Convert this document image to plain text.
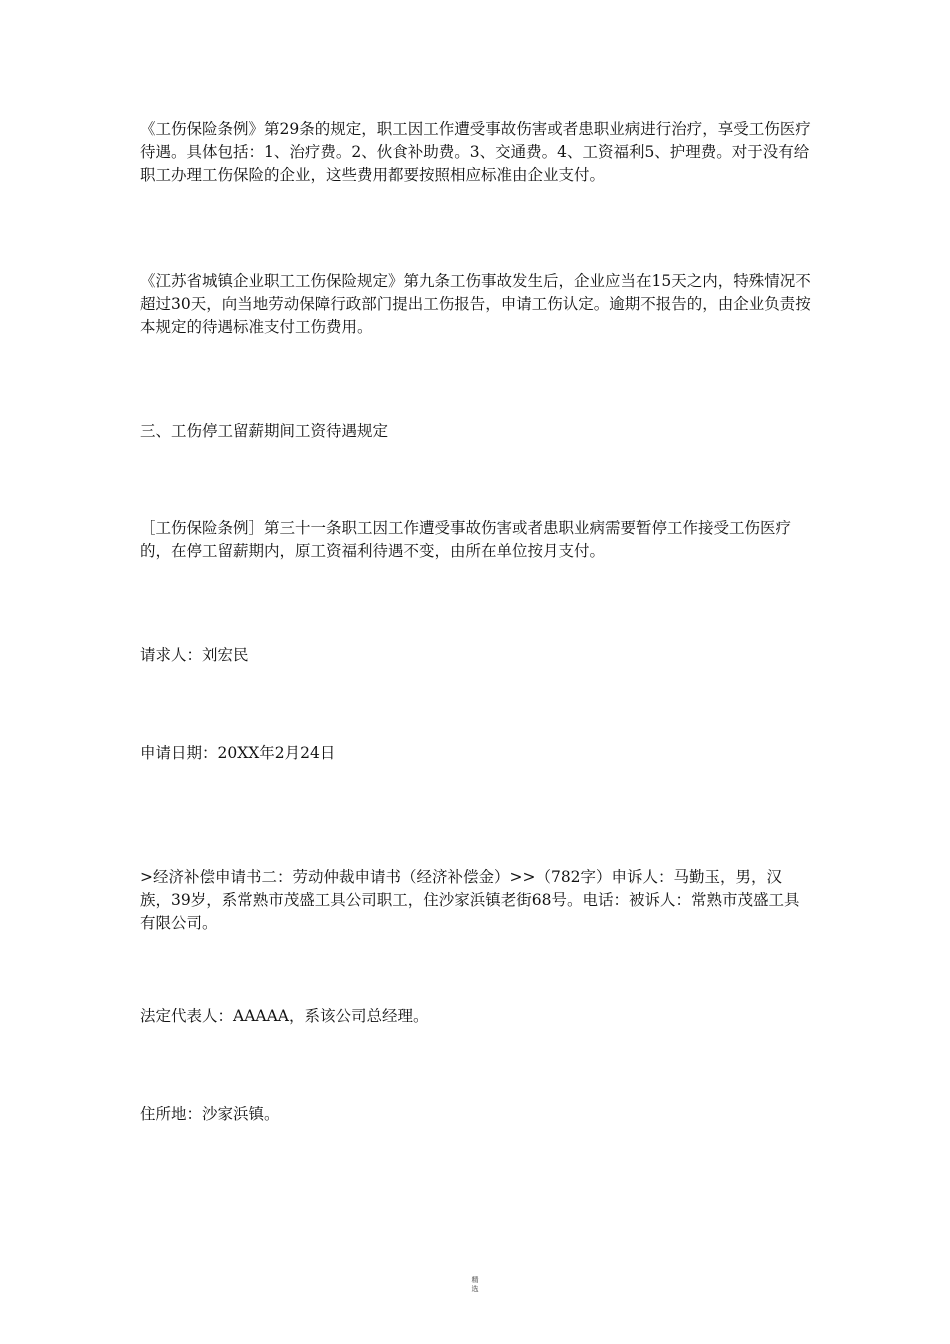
《工伤保险条例》第29条的规定，职工因工作遭受事故伤害或者患职业病进行治疗，享受工伤医疗待遇。具体包括：1、治疗费。2、伙食补助费。3、交通费。4、工资福利5、护理费。对于没有给职工办理工伤保险的企业，这些费用都要按照相应标准由企业支付。

《江苏省城镇企业职工工伤保险规定》第九条工伤事故发生后，企业应当在15天之内，特殊情况不超过30天，向当地劳动保障行政部门提出工伤报告，申请工伤认定。逾期不报告的，由企业负责按本规定的待遇标准支付工伤费用。

三、工伤停工留薪期间工资待遇规定

［工伤保险条例］第三十一条职工因工作遭受事故伤害或者患职业病需要暂停工作接受工伤医疗的，在停工留薪期内，原工资福利待遇不变，由所在单位按月支付。

请求人：刘宏民

申请日期：20XX年2月24日

>经济补偿申请书二：劳动仲裁申请书（经济补偿金）>>（782字）申诉人：马勤玉，男，汉族，39岁，系常熟市茂盛工具公司职工，住沙家浜镇老街68号。电话：被诉人：常熟市茂盛工具有限公司。

法定代表人：AAAAA，系该公司总经理。

住所地：沙家浜镇。

精
选
